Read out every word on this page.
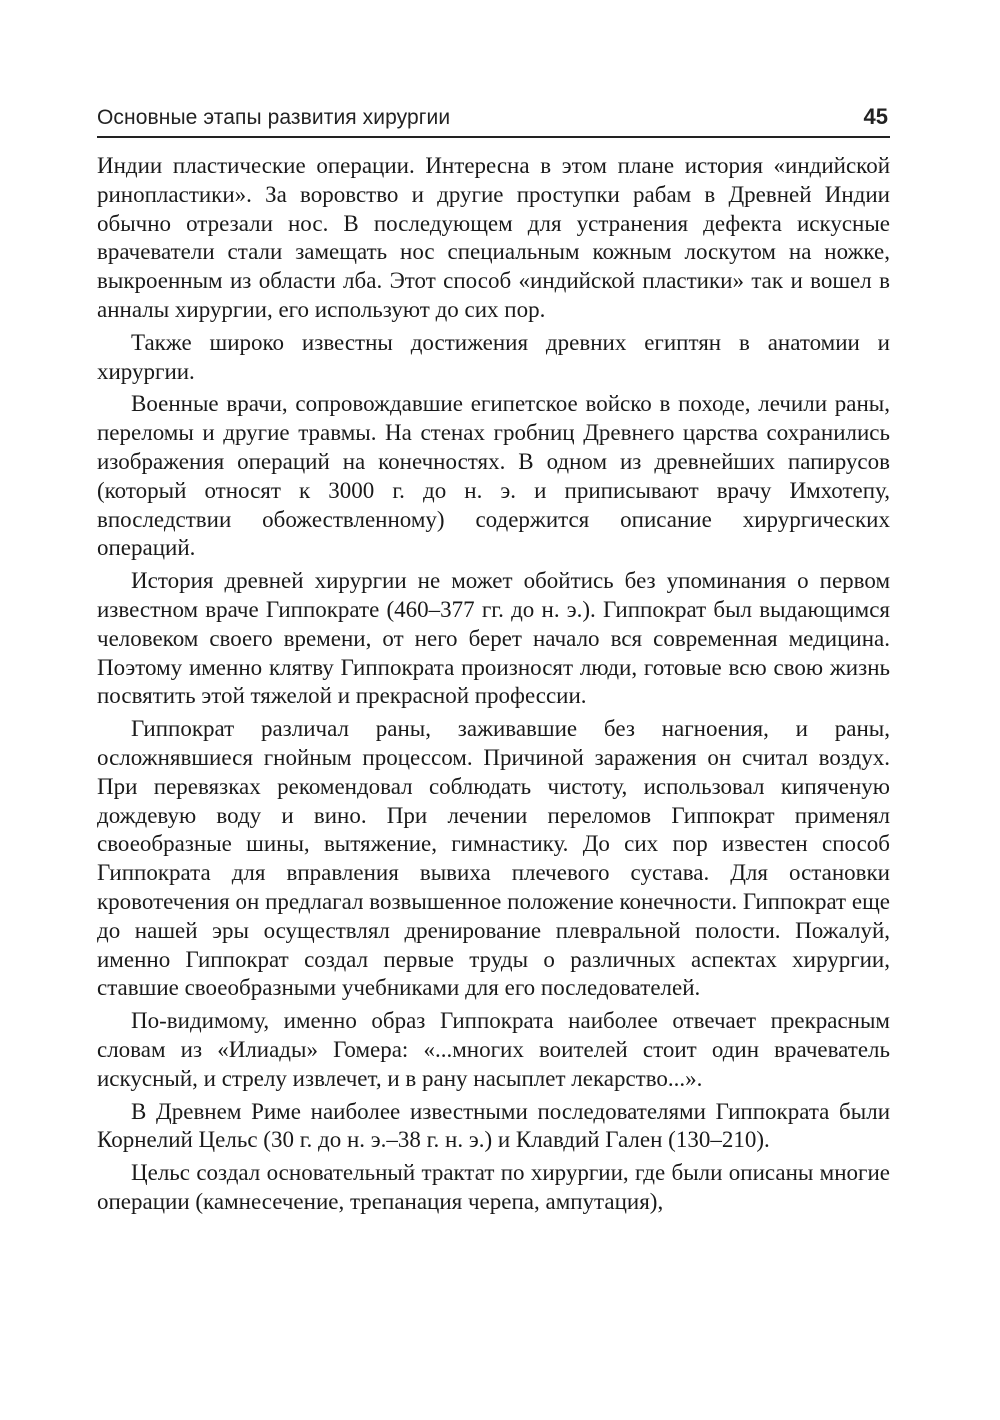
Основные этапы развития хирургии	45

Индии пластические операции. Интересна в этом плане история «индийской ринопластики». За воровство и другие проступки рабам в Древней Индии обычно отрезали нос. В последующем для устранения дефекта искусные врачеватели стали замещать нос специальным кожным лоскутом на ножке, выкроенным из области лба. Этот способ «индийской пластики» так и вошел в анналы хирургии, его используют до сих пор.

Также широко известны достижения древних египтян в анатомии и хирургии.

Военные врачи, сопровождавшие египетское войско в походе, лечили раны, переломы и другие травмы. На стенах гробниц Древнего царства сохранились изображения операций на конечностях. В одном из древнейших папирусов (который относят к 3000 г. до н. э. и приписывают врачу Имхотепу, впоследствии обожествленному) содержится описание хирургических операций.

История древней хирургии не может обойтись без упоминания о первом известном враче Гиппократе (460–377 гг. до н. э.). Гиппократ был выдающимся человеком своего времени, от него берет начало вся современная медицина. Поэтому именно клятву Гиппократа произносят люди, готовые всю свою жизнь посвятить этой тяжелой и прекрасной профессии.

Гиппократ различал раны, заживавшие без нагноения, и раны, осложнявшиеся гнойным процессом. Причиной заражения он считал воздух. При перевязках рекомендовал соблюдать чистоту, использовал кипяченую дождевую воду и вино. При лечении переломов Гиппократ применял своеобразные шины, вытяжение, гимнастику. До сих пор известен способ Гиппократа для вправления вывиха плечевого сустава. Для остановки кровотечения он предлагал возвышенное положение конечности. Гиппократ еще до нашей эры осуществлял дренирование плевральной полости. Пожалуй, именно Гиппократ создал первые труды о различных аспектах хирургии, ставшие своеобразными учебниками для его последователей.

По-видимому, именно образ Гиппократа наиболее отвечает прекрасным словам из «Илиады» Гомера: «...многих воителей стоит один врачеватель искусный, и стрелу извлечет, и в рану насыплет лекарство...».

В Древнем Риме наиболее известными последователями Гиппократа были Корнелий Цельс (30 г. до н. э.–38 г. н. э.) и Клавдий Гален (130–210).

Цельс создал основательный трактат по хирургии, где были описаны многие операции (камнесечение, трепанация черепа, ампутация),
